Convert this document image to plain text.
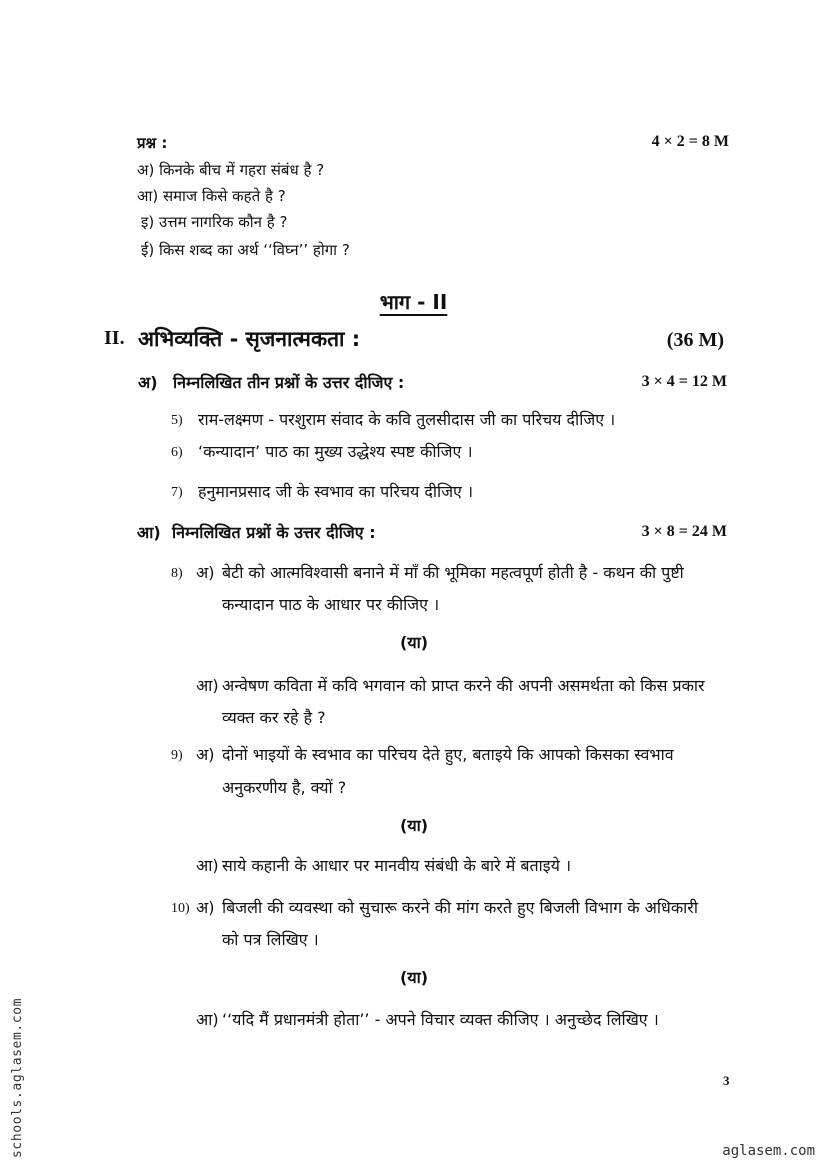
प्रश्न :	4 × 2 = 8 M
अ) किनके बीच में गहरा संबंध है ?
आ) समाज किसे कहते है ?
इ) उत्तम नागरिक कौन है ?
ई) किस शब्द का अर्थ ‘‘विघ्न’’ होगा ?
भाग - II
II. अभिव्यक्ति - सृजनात्मकता :	(36 M)
अ) निम्नलिखित तीन प्रश्नों के उत्तर दीजिए :	3 × 4 = 12 M
5) राम-लक्ष्मण - परशुराम संवाद के कवि तुलसीदास जी का परिचय दीजिए ।
6) ‘कन्यादान’ पाठ का मुख्य उद्धेश्य स्पष्ट कीजिए ।
7) हनुमानप्रसाद जी के स्वभाव का परिचय दीजिए ।
आ) निम्नलिखित प्रश्नों के उत्तर दीजिए :	3 × 8 = 24 M
8) अ) बेटी को आत्मविश्वासी बनाने में माँ की भूमिका महत्वपूर्ण होती है - कथन की पुष्टी
कन्यादान पाठ के आधार पर कीजिए ।
(या)
आ) अन्वेषण कविता में कवि भगवान को प्राप्त करने की अपनी असमर्थता को किस प्रकार
व्यक्त कर रहे है ?
9) अ) दोनों भाइयों के स्वभाव का परिचय देते हुए, बताइये कि आपको किसका स्वभाव
अनुकरणीय है, क्यों ?
(या)
आ) साये कहानी के आधार पर मानवीय संबंधी के बारे में बताइये ।
10) अ) बिजली की व्यवस्था को सुचारू करने की मांग करते हुए बिजली विभाग के अधिकारी
को पत्र लिखिए ।
(या)
आ) ‘‘यदि मैं प्रधानमंत्री होता’’ - अपने विचार व्यक्त कीजिए । अनुच्छेद लिखिए ।
3
schools.aglasem.com	aglasem.com
